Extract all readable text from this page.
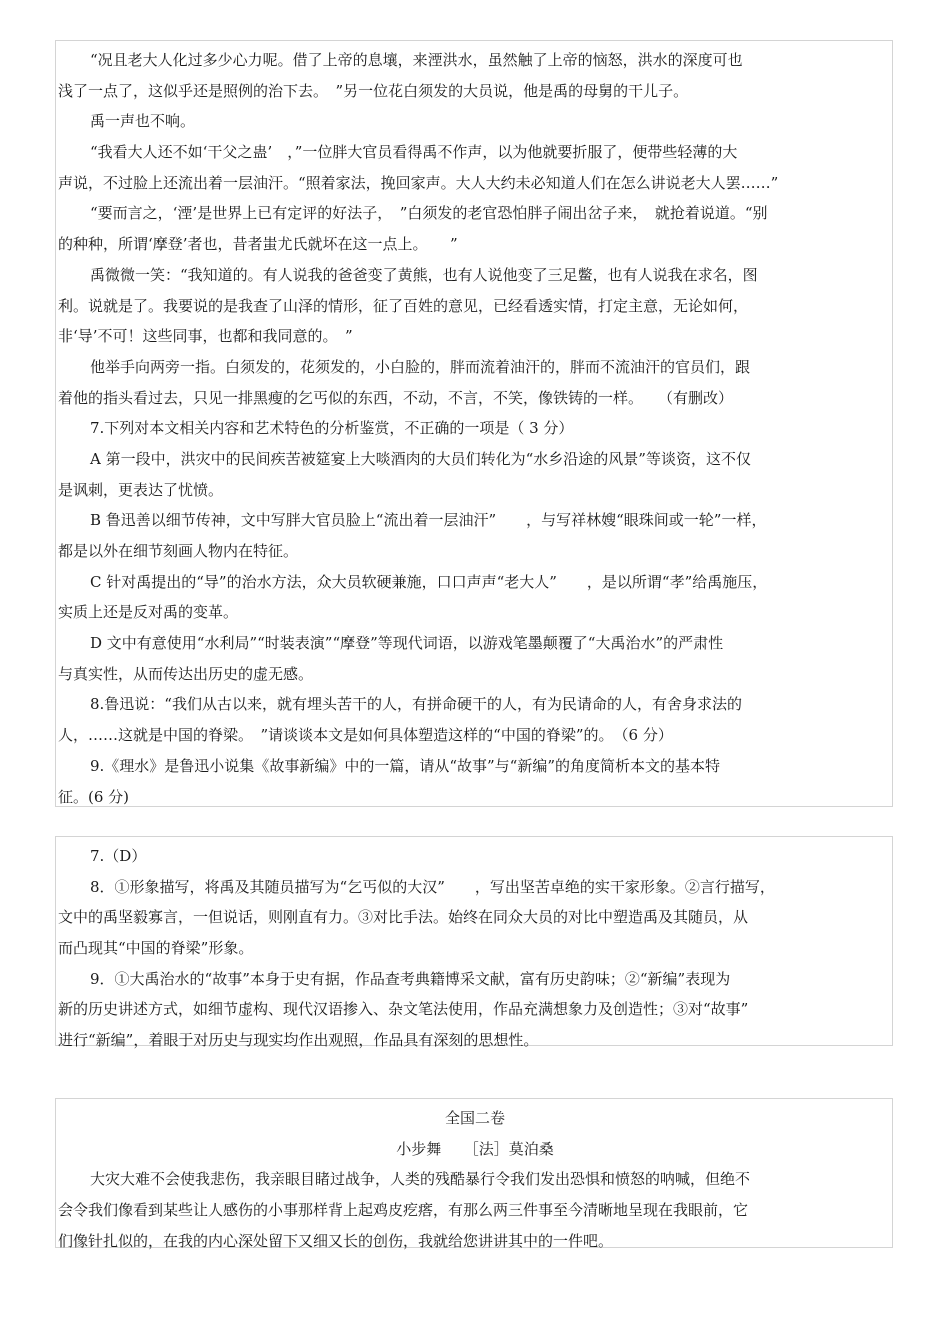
“况且老大人化过多少心力呢。借了上帝的息壤，来湮洪水，虽然触了上帝的恼怒，洪水的深度可也
浅了一点了，这似乎还是照例的治下去。　”另一位花白须发的大员说，他是禹的母舅的干儿子。
禹一声也不响。
“我看大人还不如‘干父之蛊’　，”一位胖大官员看得禹不作声，以为他就要折服了，便带些轻薄的大
声说，不过脸上还流出着一层油汗。“照着家法，挽回家声。大人大约未必知道人们在怎么讲说老大人罢……”
“要而言之，‘湮’是世界上已有定评的好法子，　”白须发的老官恐怕胖子闹出岔子来，　就抢着说道。“别
的种种，所谓‘摩登’者也，昔者蚩尤氏就坏在这一点上。　　”
禹微微一笑：“我知道的。有人说我的爸爸变了黄熊，也有人说他变了三足鳖，也有人说我在求名，图
利。说就是了。我要说的是我查了山泽的情形，征了百姓的意见，已经看透实情，打定主意，无论如何，
非‘导’不可！这些同事，也都和我同意的。　”
他举手向两旁一指。白须发的，花须发的，小白脸的，胖而流着油汗的，胖而不流油汗的官员们，跟
着他的指头看过去，只见一排黑瘦的乞丐似的东西，不动，不言，不笑，像铁铸的一样。　　（有删改）
7.下列对本文相关内容和艺术特色的分析鉴赏，不正确的一项是（ 3 分）
A 第一段中，洪灾中的民间疾苦被筵宴上大啖酒肉的大员们转化为“水乡沿途的风景”等谈资，这不仅
是讽刺，更表达了忧愤。
B 鲁迅善以细节传神，文中写胖大官员脸上“流出着一层油汗”　　，与写祥林嫂“眼珠间或一轮”一样，
都是以外在细节刻画人物内在特征。
C 针对禹提出的“导”的治水方法，众大员软硬兼施，口口声声“老大人”　　，是以所谓“孝”给禹施压，
实质上还是反对禹的变革。
D 文中有意使用“水利局”“时装表演”“摩登”等现代词语，以游戏笔墨颠覆了“大禹治水”的严肃性
与真实性，从而传达出历史的虚无感。
8.鲁迅说：“我们从古以来，就有埋头苦干的人，有拼命硬干的人，有为民请命的人，有舍身求法的
人，……这就是中国的脊梁。　”请谈谈本文是如何具体塑造这样的“中国的脊梁”的。　（6 分）
9.《理水》是鲁迅小说集《故事新编》中的一篇，请从“故事”与“新编”的角度简析本文的基本特
征。(6 分)
7.（D）
8．①形象描写，将禹及其随员描写为“乞丐似的大汉”　　，写出坚苦卓绝的实干家形象。②言行描写，
文中的禹坚毅寡言，一但说话，则刚直有力。③对比手法。始终在同众大员的对比中塑造禹及其随员，从
而凸现其“中国的脊梁”形象。
9．①大禹治水的“故事”本身于史有据，作品查考典籍博采文献，富有历史韵味；②“新编”表现为
新的历史讲述方式，如细节虚构、现代汉语掺入、杂文笔法使用，作品充满想象力及创造性；③对“故事”
进行“新编”，着眼于对历史与现实均作出观照，作品具有深刻的思想性。
全国二卷
小步舞　　［法］莫泊桑
大灾大难不会使我悲伤，我亲眼目睹过战争，人类的残酷暴行令我们发出恐惧和愤怒的呐喊，但绝不
会令我们像看到某些让人感伤的小事那样背上起鸡皮疙瘩，有那么两三件事至今清晰地呈现在我眼前，它
们像针扎似的，在我的内心深处留下又细又长的创伤，我就给您讲讲其中的一件吧。
